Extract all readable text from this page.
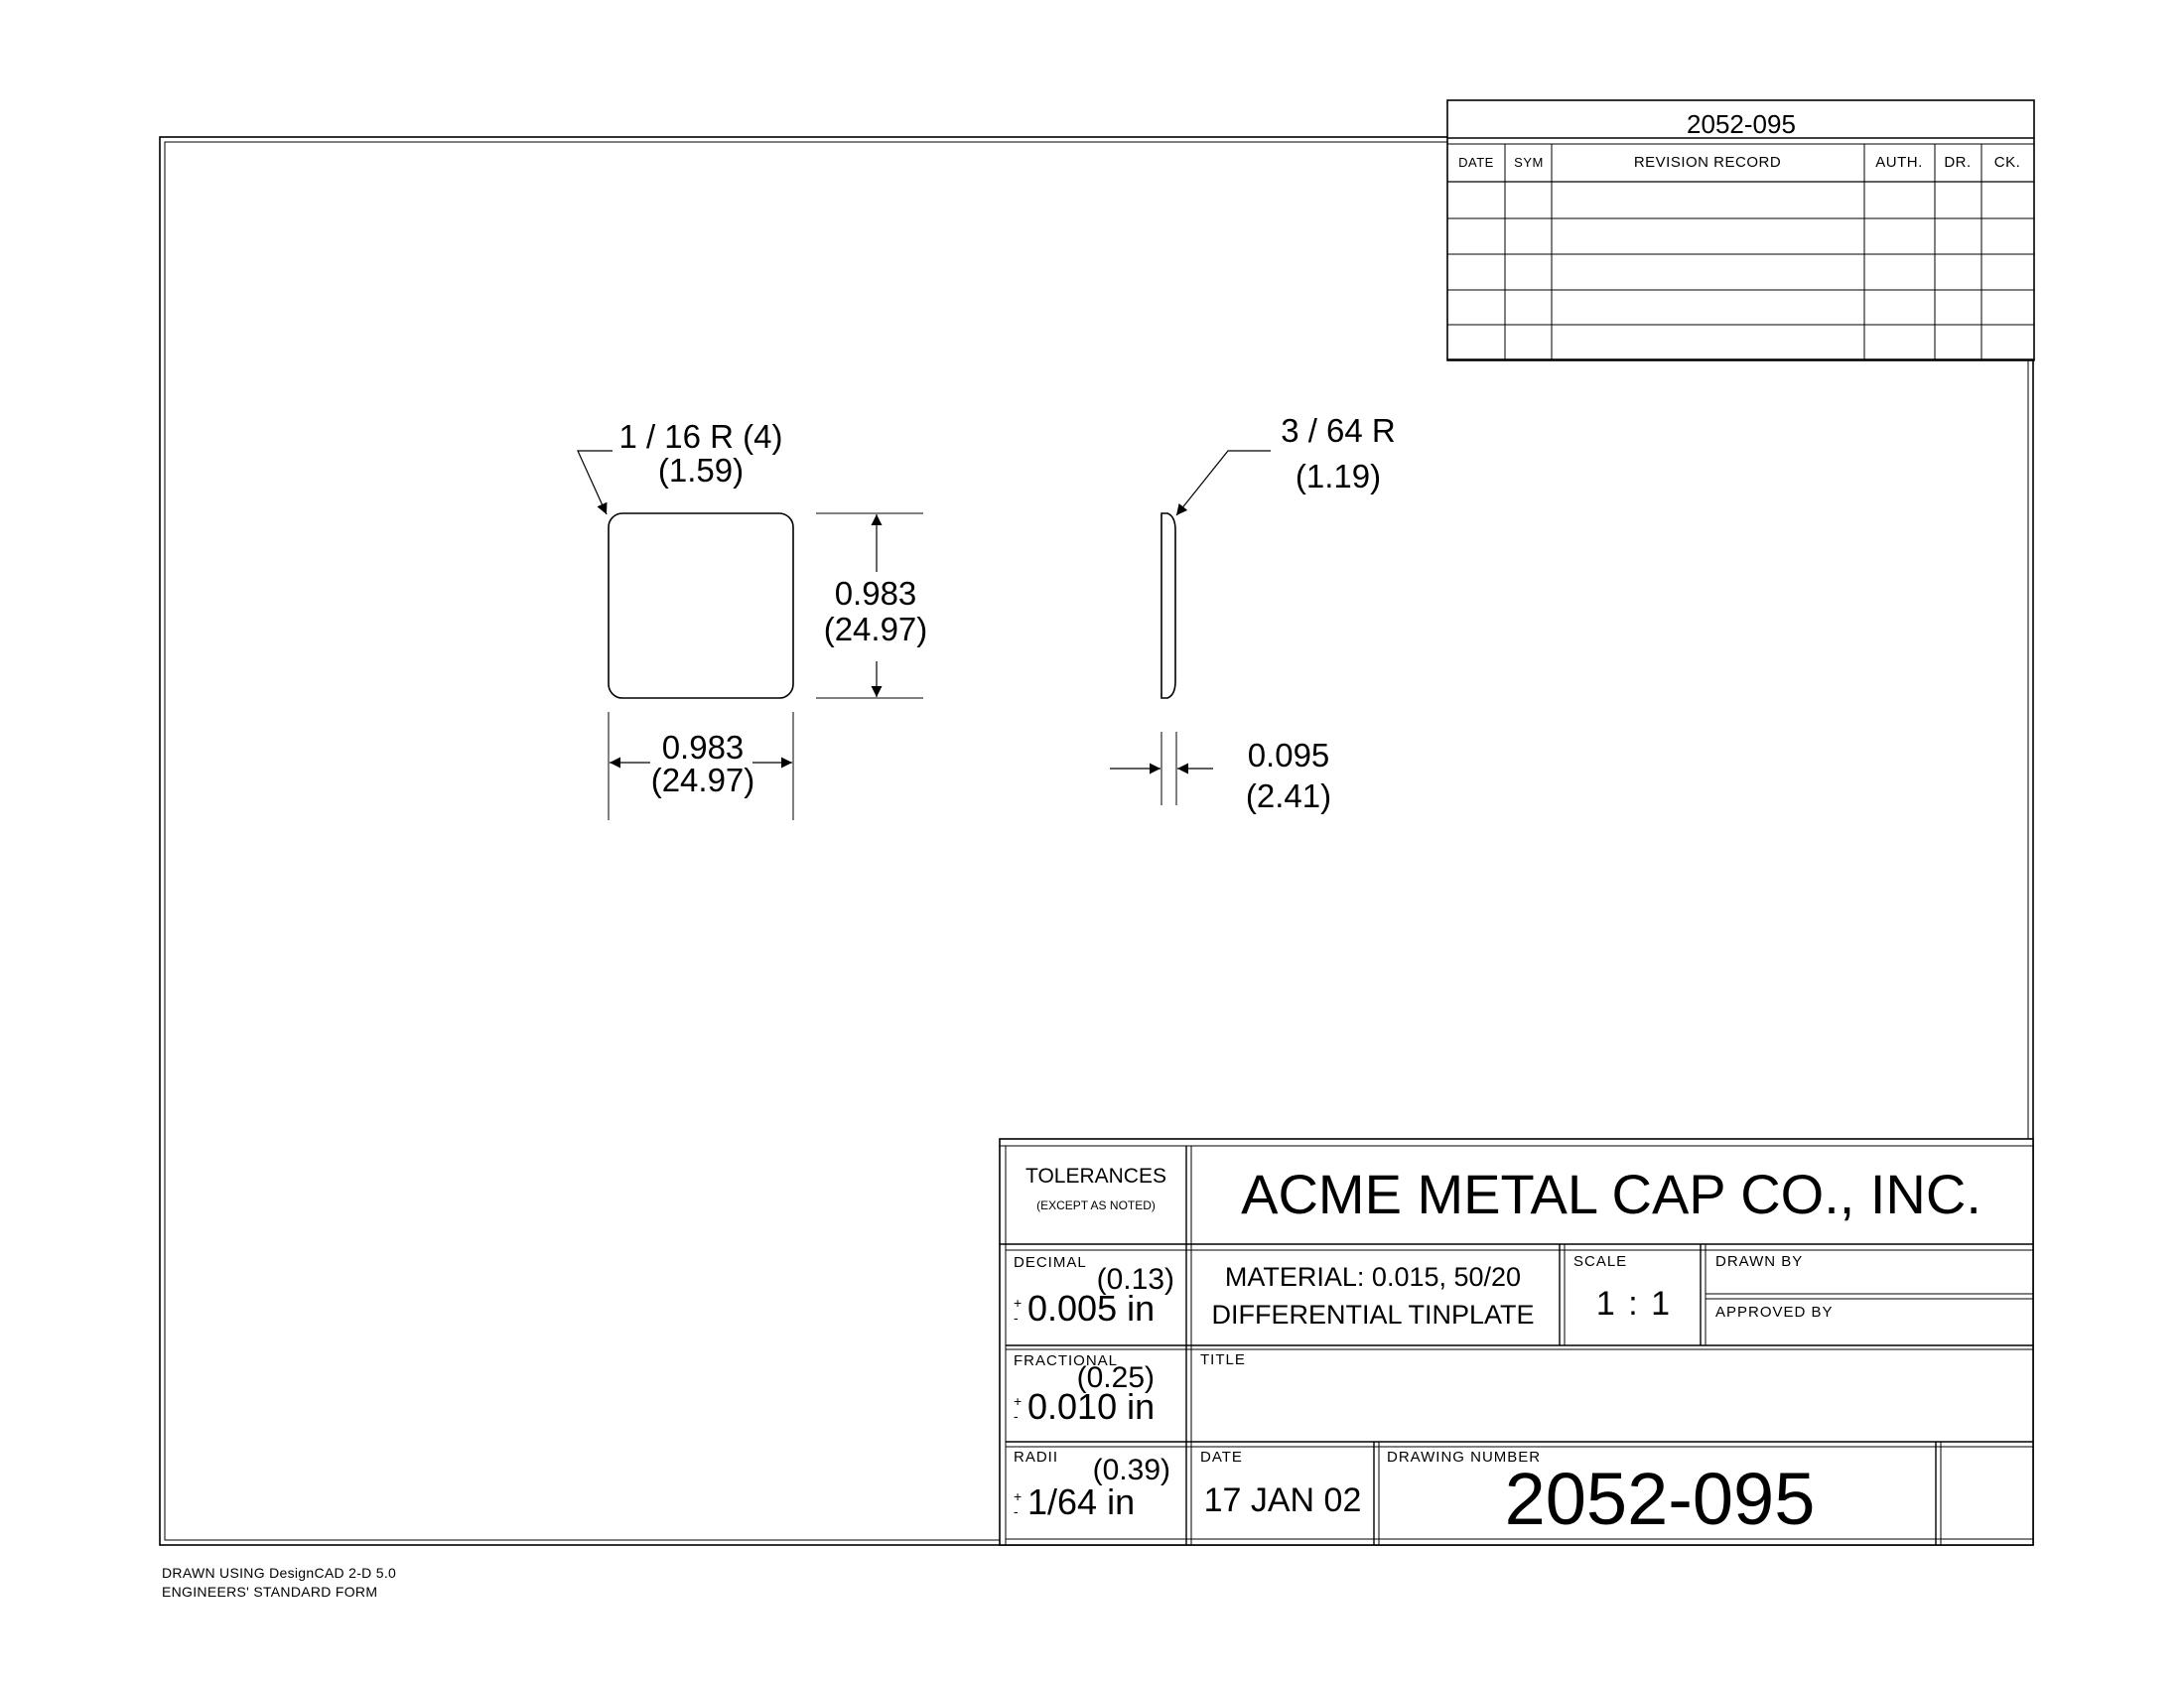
2052-095
DATE SYM	REVISION RECORD	AUTH. DR. CK.
1 / 16 R (4)
(1.59)
0.983
(24.97)
0.983
(24.97)
3 / 64 R
(1.19)
0.095
(2.41)
TOLERANCES
(EXCEPT AS NOTED) ACME METAL CAP CO., INC.
DECIMAL
(0.13)
+
- 0.005 in
MATERIAL: 0.015, 50/20
DIFFERENTIAL TINPLATE
SCALE
1 : 1
DRAWN BY
APPROVED BY
FRACTIONAL
(0.25)
+
- 0.010 in
TITLE
RADII (0.39)
+
- 1/64 in
DATE
17 JAN 02
DRAWING NUMBER
2052-095
DRAWN USING DesignCAD 2-D 5.0
ENGINEERS' STANDARD FORM
